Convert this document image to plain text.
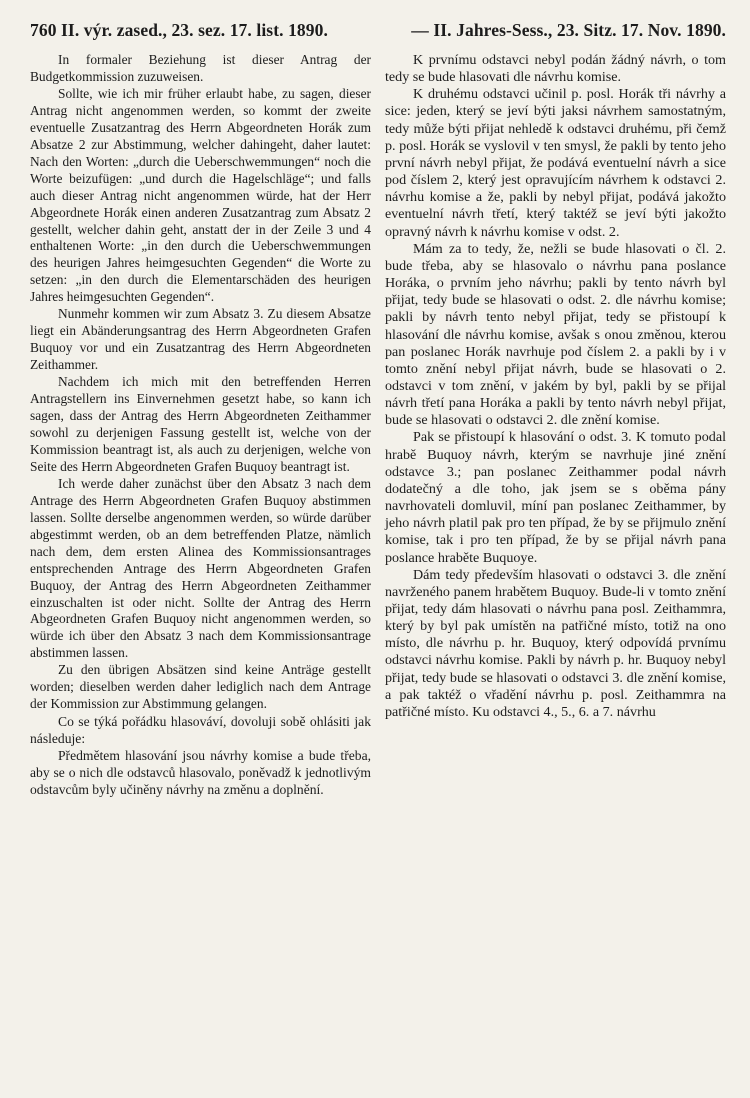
760 II. výr. zased., 23. sez. 17. list. 1890.	— II. Jahres-Sess., 23. Sitz. 17. Nov. 1890.

In formaler Beziehung ist dieser Antrag der Budgetkommission zuzuweisen.

Sollte, wie ich mir früher erlaubt habe, zu sagen, dieser Antrag nicht angenommen werden, so kommt der zweite eventuelle Zusatzantrag des Herrn Abgeordneten Horák zum Absatze 2 zur Abstimmung, welcher dahingeht, daher lautet: Nach den Worten: „durch die Ueberschwemmungen“ noch die Worte beizufügen: „und durch die Hagelschläge“; und falls auch dieser Antrag nicht angenommen würde, hat der Herr Abgeordnete Horák einen anderen Zusatzantrag zum Absatz 2 gestellt, welcher dahin geht, anstatt der in der Zeile 3 und 4 enthaltenen Worte: „in den durch die Ueberschwemmungen des heurigen Jahres heimgesuchten Gegenden“ die Worte zu setzen: „in den durch die Elementarschäden des heurigen Jahres heimgesuchten Gegenden“.

Nunmehr kommen wir zum Absatz 3. Zu diesem Absatze liegt ein Abänderungsantrag des Herrn Abgeordneten Grafen Buquoy vor und ein Zusatzantrag des Herrn Abgeordneten Zeithammer.

Nachdem ich mich mit den betreffenden Herren Antragstellern ins Einvernehmen gesetzt habe, so kann ich sagen, dass der Antrag des Herrn Abgeordneten Zeithammer sowohl zu derjenigen Fassung gestellt ist, welche von der Kommission beantragt ist, als auch zu derjenigen, welche von Seite des Herrn Abgeordneten Grafen Buquoy beantragt ist.

Ich werde daher zunächst über den Absatz 3 nach dem Antrage des Herrn Abgeordneten Grafen Buquoy abstimmen lassen. Sollte derselbe angenommen werden, so würde darüber abgestimmt werden, ob an dem betreffenden Platze, nämlich nach dem, dem ersten Alinea des Kommissionsantrages entsprechenden Antrage des Herrn Abgeordneten Grafen Buquoy, der Antrag des Herrn Abgeordneten Zeithammer einzuschalten ist oder nicht. Sollte der Antrag des Herrn Abgeordneten Grafen Buquoy nicht angenommen werden, so würde ich über den Absatz 3 nach dem Kommissionsantrage abstimmen lassen.

Zu den übrigen Absätzen sind keine Anträge gestellt worden; dieselben werden daher lediglich nach dem Antrage der Kommission zur Abstimmung gelangen.

Co se týká pořádku hlasováví, dovoluji sobě ohlásiti jak následuje:

Předmětem hlasování jsou návrhy komise a bude třeba, aby se o nich dle odstavců hlasovalo, poněvadž k jednotlivým odstavcům byly učiněny návrhy na změnu a doplnění.

K prvnímu odstavci nebyl podán žádný návrh, o tom tedy se bude hlasovati dle návrhu komise.

K druhému odstavci učinil p. posl. Horák tři návrhy a sice: jeden, který se jeví býti jaksi návrhem samostatným, tedy může býti přijat nehledě k odstavci druhému, při čemž p. posl. Horák se vyslovil v ten smysl, že pakli by tento jeho první návrh nebyl přijat, že podává eventuelní návrh a sice pod číslem 2, který jest opravujícím návrhem k odstavci 2. návrhu komise a že, pakli by nebyl přijat, podává jakožto eventuelní návrh třetí, který taktéž se jeví býti jakožto opravný návrh k návrhu komise v odst. 2.

Mám za to tedy, že, nežli se bude hlasovati o čl. 2. bude třeba, aby se hlasovalo o návrhu pana poslance Horáka, o prvním jeho návrhu; pakli by tento návrh byl přijat, tedy bude se hlasovati o odst. 2. dle návrhu komise; pakli by návrh tento nebyl přijat, tedy se přistoupí k hlasování dle návrhu komise, avšak s onou změnou, kterou pan poslanec Horák navrhuje pod číslem 2. a pakli by i v tomto znění nebyl přijat návrh, bude se hlasovati o 2. odstavci v tom znění, v jakém by byl, pakli by se přijal návrh třetí pana Horáka a pakli by tento návrh nebyl přijat, bude se hlasovati o odstavci 2. dle znění komise.

Pak se přistoupí k hlasování o odst. 3. K tomuto podal hrabě Buquoy návrh, kterým se navrhuje jiné znění odstavce 3.; pan poslanec Zeithammer podal návrh dodatečný a dle toho, jak jsem se s oběma pány navrhovateli domluvil, míní pan poslanec Zeithammer, by jeho návrh platil pak pro ten případ, že by se přijmulo znění komise, tak i pro ten případ, že by se přijal návrh pana poslance hraběte Buquoye.

Dám tedy především hlasovati o odstavci 3. dle znění navrženého panem hrabětem Buquoy. Bude-li v tomto znění přijat, tedy dám hlasovati o návrhu pana posl. Zeithammra, který by byl pak umístěn na patřičné místo, totiž na ono místo, dle návrhu p. hr. Buquoy, který odpovídá prvnímu odstavci návrhu komise. Pakli by návrh p. hr. Buquoy nebyl přijat, tedy bude se hlasovati o odstavci 3. dle znění komise, a pak taktéž o vřadění návrhu p. posl. Zeithammra na patřičné místo. Ku odstavci 4., 5., 6. a 7. návrhu
